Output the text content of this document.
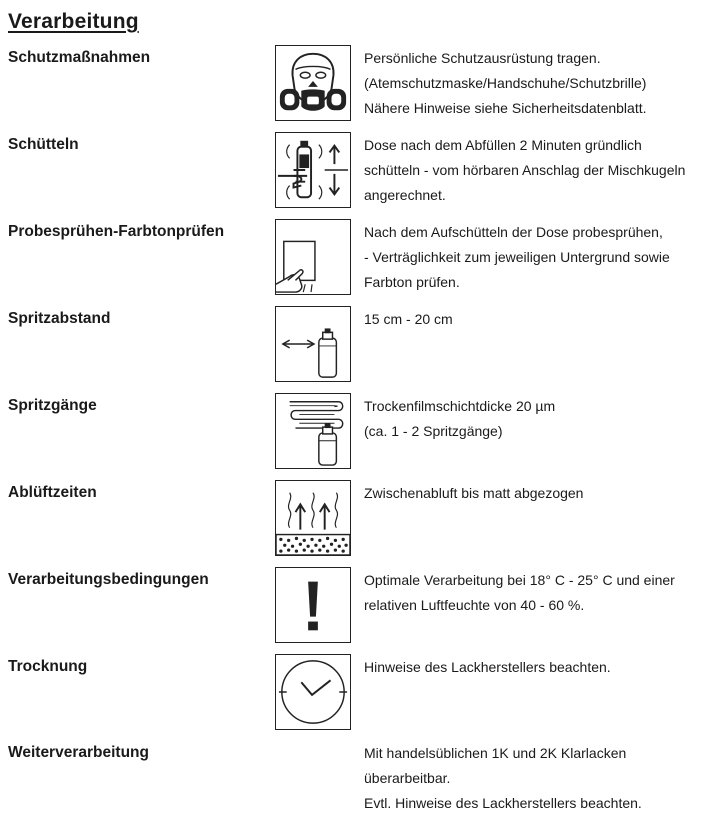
Verarbeitung
Schutzmaßnahmen	Persönliche Schutzausrüstung tragen.
(Atemschutzmaske/Handschuhe/Schutzbrille)
Nähere Hinweise siehe Sicherheitsdatenblatt.
Schütteln	Dose nach dem Abfüllen 2 Minuten gründlich
schütteln - vom hörbaren Anschlag der Mischkugeln
angerechnet.
Probesprühen-Farbtonprüfen	Nach dem Aufschütteln der Dose probesprühen,
- Verträglichkeit zum jeweiligen Untergrund sowie
Farbton prüfen.
Spritzabstand	15 cm - 20 cm
Spritzgänge	Trockenfilmschichtdicke 20 µm
(ca. 1 - 2 Spritzgänge)
Ablüftzeiten	Zwischenabluft bis matt abgezogen
Verarbeitungsbedingungen	Optimale Verarbeitung bei 18° C - 25° C und einer
relativen Luftfeuchte von 40 - 60 %.
Trocknung	Hinweise des Lackherstellers beachten.
Weiterverarbeitung	Mit handelsüblichen 1K und 2K Klarlacken
überarbeitbar.
Evtl. Hinweise des Lackherstellers beachten.
